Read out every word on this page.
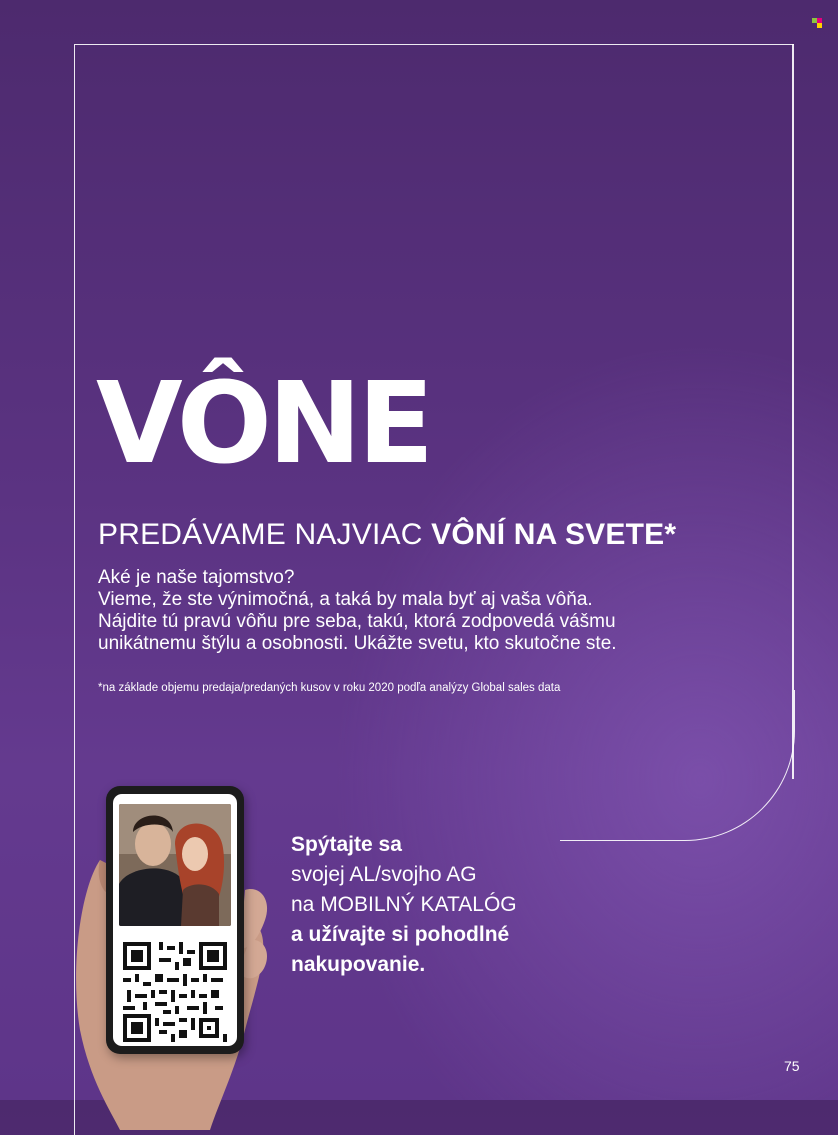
VÔNE
PREDÁVAME NAJVIAC VÔNÍ NA SVETE*
Aké je naše tajomstvo?
Vieme, že ste výnimočná, a taká by mala byť aj vaša vôňa.
Nájdite tú pravú vôňu pre seba, takú, ktorá zodpovedá vášmu
unikátnemu štýlu a osobnosti. Ukážte svetu, kto skutočne ste.
*na základe objemu predaja/predaných kusov v roku 2020 podľa analýzy Global sales data
Spýtajte sa
svojej AL/svojho AG
na MOBILNÝ KATALÓG
a užívajte si pohodlné
nakupovanie.
75
